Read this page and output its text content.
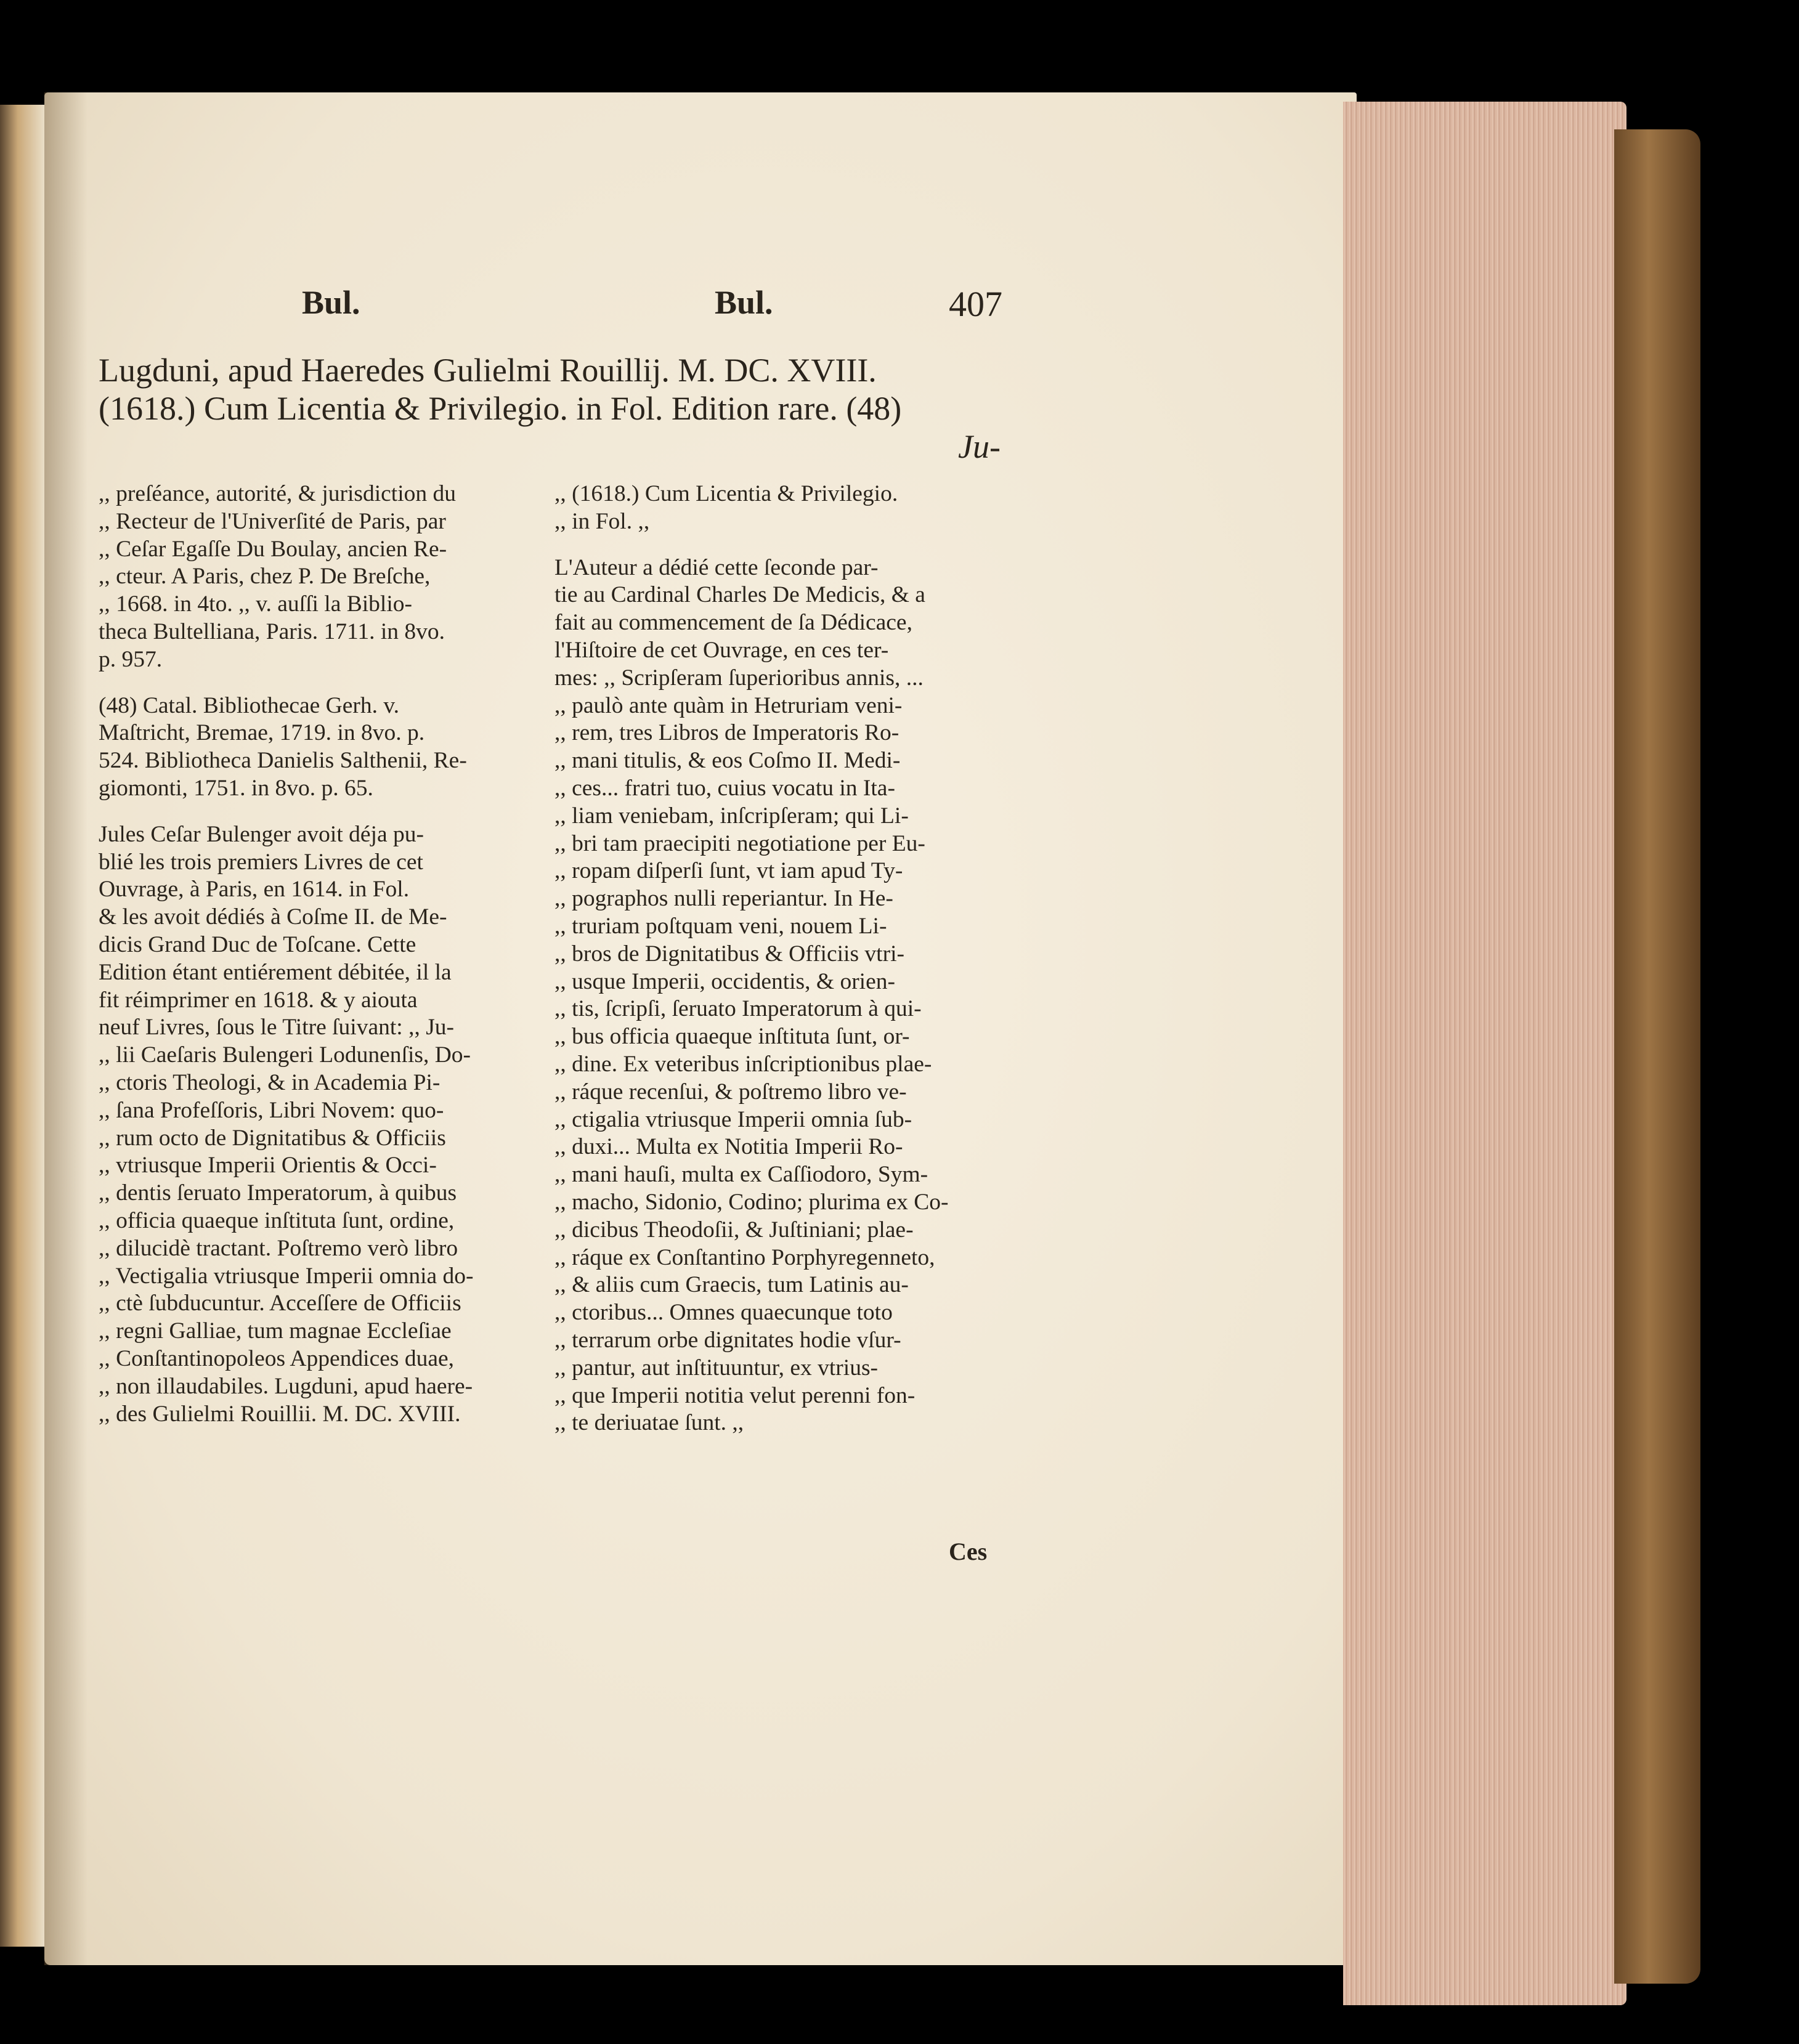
Bul.	Bul.	407
Lugduni, apud Haeredes Gulielmi Rouillij. M. DC. XVIII.
(1618.) Cum Licentia & Privilegio. in Fol. Edition rare. (48)
Ju-

,, preſéance, autorité, & jurisdiction du

,, Recteur de l'Univerſité de Paris, par

,, Ceſar Egaſſe Du Boulay, ancien Re-

,, cteur. A Paris, chez P. De Breſche,

,, 1668. in 4to. ,, v. auſſi la Biblio-

theca Bultelliana, Paris. 1711. in 8vo.

p. 957.

(48) Catal. Bibliothecae Gerh. v.

Maſtricht, Bremae, 1719. in 8vo. p.

524. Bibliotheca Danielis Salthenii, Re-

giomonti, 1751. in 8vo. p. 65.

Jules Ceſar Bulenger avoit déja pu-

blié les trois premiers Livres de cet

Ouvrage, à Paris, en 1614. in Fol.

& les avoit dédiés à Coſme II. de Me-

dicis Grand Duc de Toſcane. Cette

Edition étant entiérement débitée, il la

fit réimprimer en 1618. & y aiouta

neuf Livres, ſous le Titre ſuivant: ,, Ju-

,, lii Caeſaris Bulengeri Lodunenſis, Do-

,, ctoris Theologi, & in Academia Pi-

,, ſana Profeſſoris, Libri Novem: quo-

,, rum octo de Dignitatibus & Officiis

,, vtriusque Imperii Orientis & Occi-

,, dentis ſeruato Imperatorum, à quibus

,, officia quaeque inſtituta ſunt, ordine,

,, dilucidè tractant. Poſtremo verò libro

,, Vectigalia vtriusque Imperii omnia do-

,, ctè ſubducuntur. Acceſſere de Officiis

,, regni Galliae, tum magnae Eccleſiae

,, Conſtantinopoleos Appendices duae,

,, non illaudabiles. Lugduni, apud haere-

,, des Gulielmi Rouillii. M. DC. XVIII.

,, (1618.) Cum Licentia & Privilegio.

,, in Fol. ,,

L'Auteur a dédié cette ſeconde par-

tie au Cardinal Charles De Medicis, & a

fait au commencement de ſa Dédicace,

l'Hiſtoire de cet Ouvrage, en ces ter-

mes: ,, Scripſeram ſuperioribus annis, ...

,, paulò ante quàm in Hetruriam veni-

,, rem, tres Libros de Imperatoris Ro-

,, mani titulis, & eos Coſmo II. Medi-

,, ces... fratri tuo, cuius vocatu in Ita-

,, liam veniebam, inſcripſeram; qui Li-

,, bri tam praecipiti negotiatione per Eu-

,, ropam diſperſi ſunt, vt iam apud Ty-

,, pographos nulli reperiantur. In He-

,, truriam poſtquam veni, nouem Li-

,, bros de Dignitatibus & Officiis vtri-

,, usque Imperii, occidentis, & orien-

,, tis, ſcripſi, ſeruato Imperatorum à qui-

,, bus officia quaeque inſtituta ſunt, or-

,, dine. Ex veteribus inſcriptionibus plae-

,, ráque recenſui, & poſtremo libro ve-

,, ctigalia vtriusque Imperii omnia ſub-

,, duxi... Multa ex Notitia Imperii Ro-

,, mani hauſi, multa ex Caſſiodoro, Sym-

,, macho, Sidonio, Codino; plurima ex Co-

,, dicibus Theodoſii, & Juſtiniani; plae-

,, ráque ex Conſtantino Porphyregenneto,

,, & aliis cum Graecis, tum Latinis au-

,, ctoribus... Omnes quaecunque toto

,, terrarum orbe dignitates hodie vſur-

,, pantur, aut inſtituuntur, ex vtrius-

,, que Imperii notitia velut perenni fon-

,, te deriuatae ſunt. ,,

Ces
